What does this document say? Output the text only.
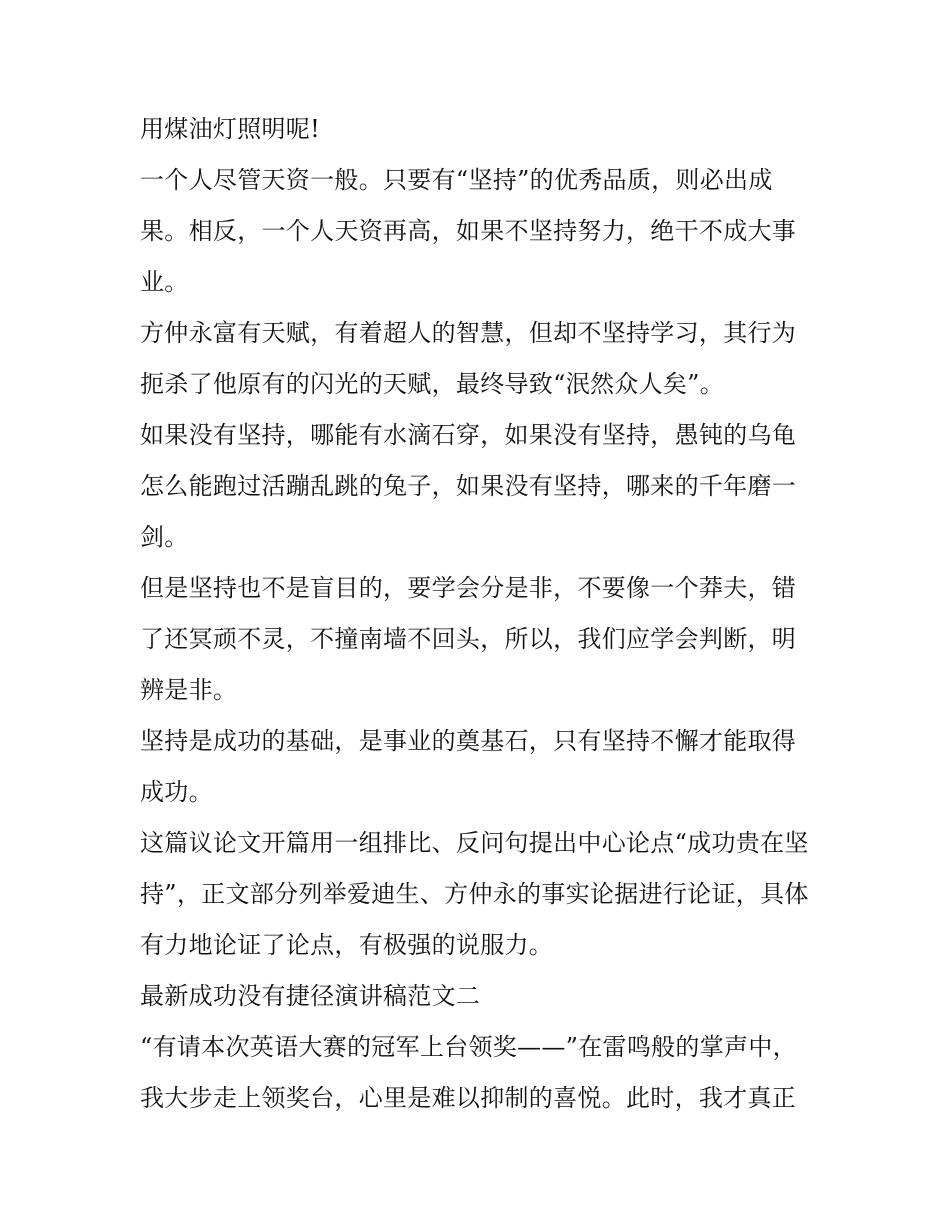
用煤油灯照明呢!

一个人尽管天资一般。只要有“坚持”的优秀品质，则必出成果。相反，一个人天资再高，如果不坚持努力，绝干不成大事业。

方仲永富有天赋，有着超人的智慧，但却不坚持学习，其行为扼杀了他原有的闪光的天赋，最终导致“泯然众人矣”。

如果没有坚持，哪能有水滴石穿，如果没有坚持，愚钝的乌龟怎么能跑过活蹦乱跳的兔子，如果没有坚持，哪来的千年磨一剑。

但是坚持也不是盲目的，要学会分是非，不要像一个莽夫，错了还冥顽不灵，不撞南墙不回头，所以，我们应学会判断，明辨是非。

坚持是成功的基础，是事业的奠基石，只有坚持不懈才能取得成功。

这篇议论文开篇用一组排比、反问句提出中心论点“成功贵在坚持”，正文部分列举爱迪生、方仲永的事实论据进行论证，具体有力地论证了论点，有极强的说服力。

最新成功没有捷径演讲稿范文二

“有请本次英语大赛的冠军上台领奖——”在雷鸣般的掌声中，我大步走上领奖台，心里是难以抑制的喜悦。此时，我才真正
